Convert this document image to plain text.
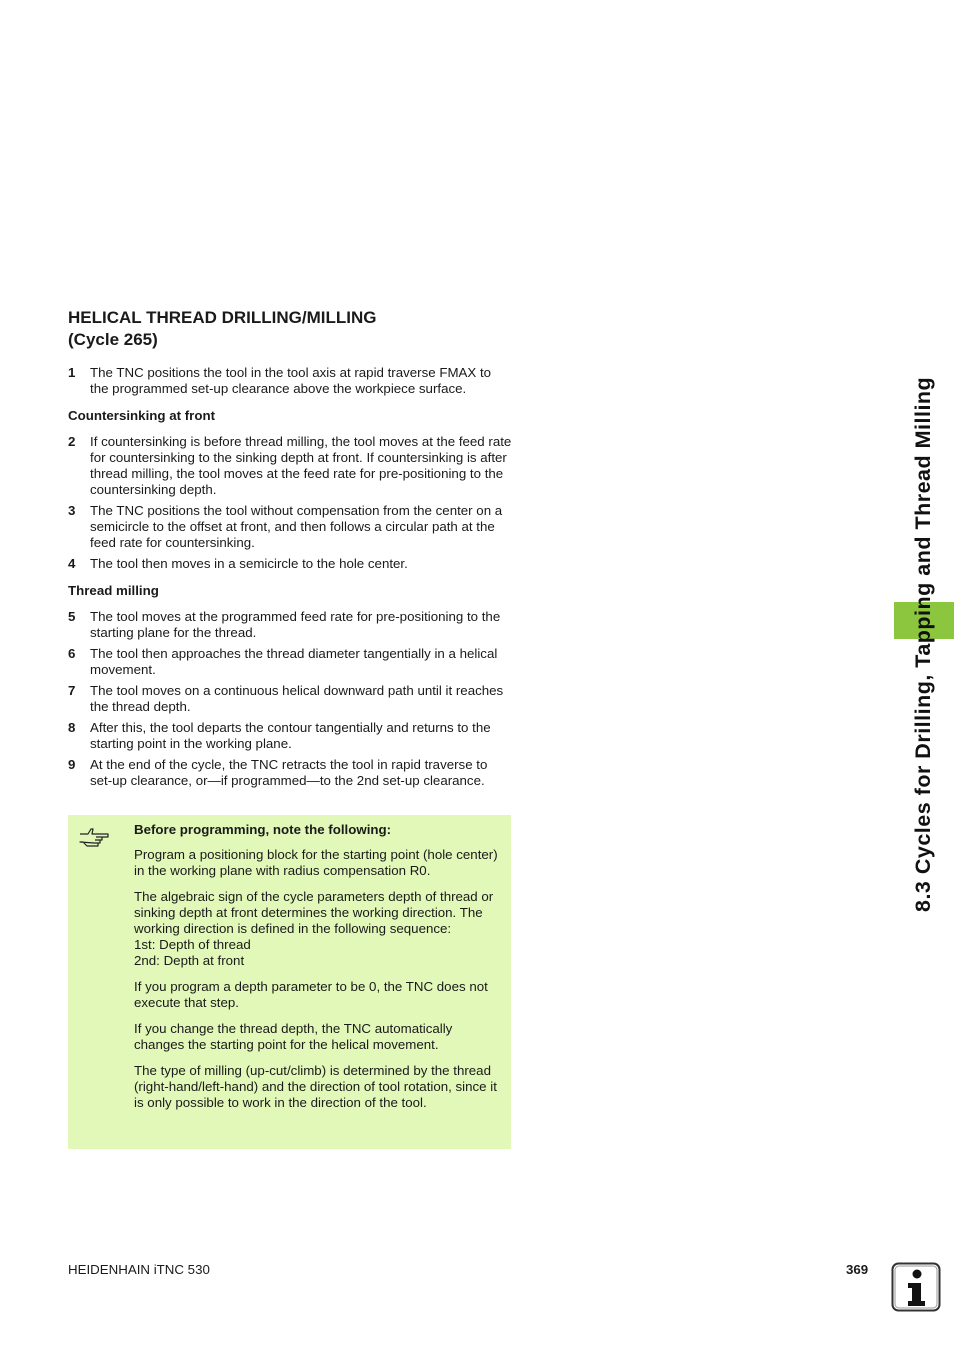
HELICAL THREAD DRILLING/MILLING
(Cycle 265)
1	The TNC positions the tool in the tool axis at rapid traverse FMAX to the programmed set-up clearance above the workpiece surface.
Countersinking at front
2	If countersinking is before thread milling, the tool moves at the feed rate for countersinking to the sinking depth at front. If countersinking is after thread milling, the tool moves at the feed rate for pre-positioning to the countersinking depth.
3	The TNC positions the tool without compensation from the center on a semicircle to the offset at front, and then follows a circular path at the feed rate for countersinking.
4	The tool then moves in a semicircle to the hole center.
Thread milling
5	The tool moves at the programmed feed rate for pre-positioning to the starting plane for the thread.
6	The tool then approaches the thread diameter tangentially in a helical movement.
7	The tool moves on a continuous helical downward path until it reaches the thread depth.
8	After this, the tool departs the contour tangentially and returns to the starting point in the working plane.
9	At the end of the cycle, the TNC retracts the tool in rapid traverse to set-up clearance, or—if programmed—to the 2nd set-up clearance.
Before programming, note the following:
Program a positioning block for the starting point (hole center) in the working plane with radius compensation R0.
The algebraic sign of the cycle parameters depth of thread or sinking depth at front determines the working direction. The working direction is defined in the following sequence:
1st: Depth of thread
2nd: Depth at front
If you program a depth parameter to be 0, the TNC does not execute that step.
If you change the thread depth, the TNC automatically changes the starting point for the helical movement.
The type of milling (up-cut/climb) is determined by the thread (right-hand/left-hand) and the direction of tool rotation, since it is only possible to work in the direction of the tool.
8.3 Cycles for Drilling, Tapping and Thread Milling
HEIDENHAIN iTNC 530	369
